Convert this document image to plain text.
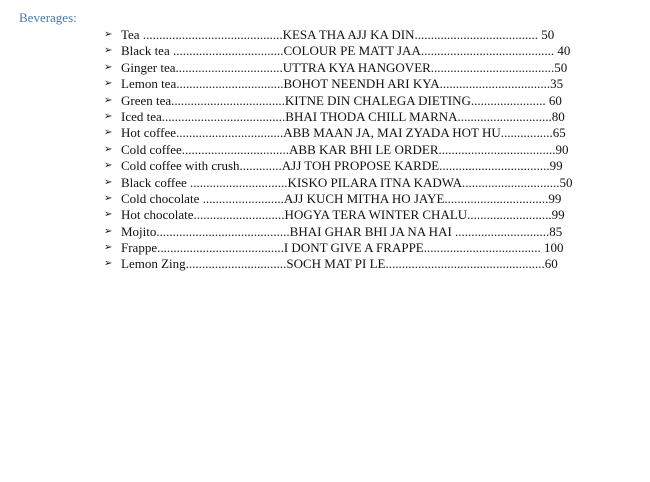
Beverages:
➢ Tea ...........................................KESA THA AJJ KA DIN...................................... 50
➢ Black tea ..................................COLOUR PE MATT JAA......................................... 40
➢ Ginger tea.................................UTTRA KYA HANGOVER......................................50
➢ Lemon tea.................................BOHOT NEENDH ARI KYA..................................35
➢ Green tea...................................KITNE DIN CHALEGA DIETING....................... 60
➢ Iced tea......................................BHAI THODA CHILL MARNA.............................80
➢ Hot coffee.................................ABB MAAN JA, MAI ZYADA HOT HU................65
➢ Cold coffee.................................ABB KAR BHI LE ORDER....................................90
➢ Cold coffee with crush.............AJJ TOH PROPOSE KARDE..................................99
➢ Black coffee ..............................KISKO PILARA ITNA KADWA..............................50
➢ Cold chocolate .........................AJJ KUCH MITHA HO JAYE................................99
➢ Hot chocolate............................HOGYA TERA WINTER CHALU..........................99
➢ Mojito.........................................BHAI GHAR BHI JA NA HAI .............................85
➢ Frappe.......................................I DONT GIVE A FRAPPE.................................... 100
➢ Lemon Zing...............................SOCH MAT PI LE.................................................60
